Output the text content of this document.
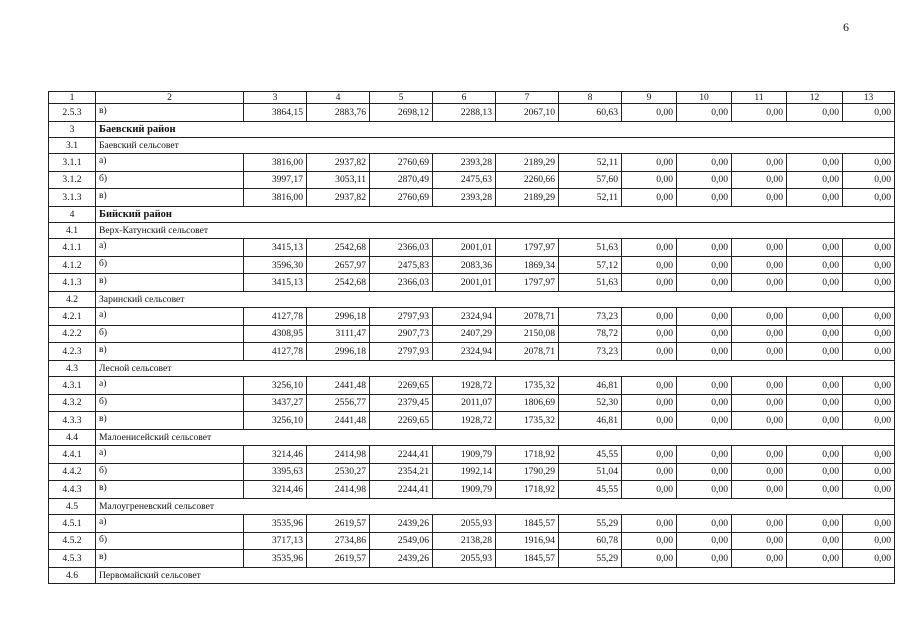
6
1	2	3	4	5	6	7	8	9	10	11	12	13
2.5.3	в)	3864,15	2883,76	2698,12	2288,13	2067,10	60,63	0,00	0,00	0,00	0,00	0,00
3	Баевский район											
3.1	Баевский сельсовет											
3.1.1	а)	3816,00	2937,82	2760,69	2393,28	2189,29	52,11	0,00	0,00	0,00	0,00	0,00
3.1.2	б)	3997,17	3053,11	2870,49	2475,63	2260,66	57,60	0,00	0,00	0,00	0,00	0,00
3.1.3	в)	3816,00	2937,82	2760,69	2393,28	2189,29	52,11	0,00	0,00	0,00	0,00	0,00
4	Бийский район											
4.1	Верх-Катунский сельсовет											
4.1.1	а)	3415,13	2542,68	2366,03	2001,01	1797,97	51,63	0,00	0,00	0,00	0,00	0,00
4.1.2	б)	3596,30	2657,97	2475,83	2083,36	1869,34	57,12	0,00	0,00	0,00	0,00	0,00
4.1.3	в)	3415,13	2542,68	2366,03	2001,01	1797,97	51,63	0,00	0,00	0,00	0,00	0,00
4.2	Заринский сельсовет											
4.2.1	а)	4127,78	2996,18	2797,93	2324,94	2078,71	73,23	0,00	0,00	0,00	0,00	0,00
4.2.2	б)	4308,95	3111,47	2907,73	2407,29	2150,08	78,72	0,00	0,00	0,00	0,00	0,00
4.2.3	в)	4127,78	2996,18	2797,93	2324,94	2078,71	73,23	0,00	0,00	0,00	0,00	0,00
4.3	Лесной сельсовет											
4.3.1	а)	3256,10	2441,48	2269,65	1928,72	1735,32	46,81	0,00	0,00	0,00	0,00	0,00
4.3.2	б)	3437,27	2556,77	2379,45	2011,07	1806,69	52,30	0,00	0,00	0,00	0,00	0,00
4.3.3	в)	3256,10	2441,48	2269,65	1928,72	1735,32	46,81	0,00	0,00	0,00	0,00	0,00
4.4	Малоенисейский сельсовет											
4.4.1	а)	3214,46	2414,98	2244,41	1909,79	1718,92	45,55	0,00	0,00	0,00	0,00	0,00
4.4.2	б)	3395,63	2530,27	2354,21	1992,14	1790,29	51,04	0,00	0,00	0,00	0,00	0,00
4.4.3	в)	3214,46	2414,98	2244,41	1909,79	1718,92	45,55	0,00	0,00	0,00	0,00	0,00
4.5	Малоугреневский сельсовет											
4.5.1	а)	3535,96	2619,57	2439,26	2055,93	1845,57	55,29	0,00	0,00	0,00	0,00	0,00
4.5.2	б)	3717,13	2734,86	2549,06	2138,28	1916,94	60,78	0,00	0,00	0,00	0,00	0,00
4.5.3	в)	3535,96	2619,57	2439,26	2055,93	1845,57	55,29	0,00	0,00	0,00	0,00	0,00
4.6	Первомайский сельсовет											
